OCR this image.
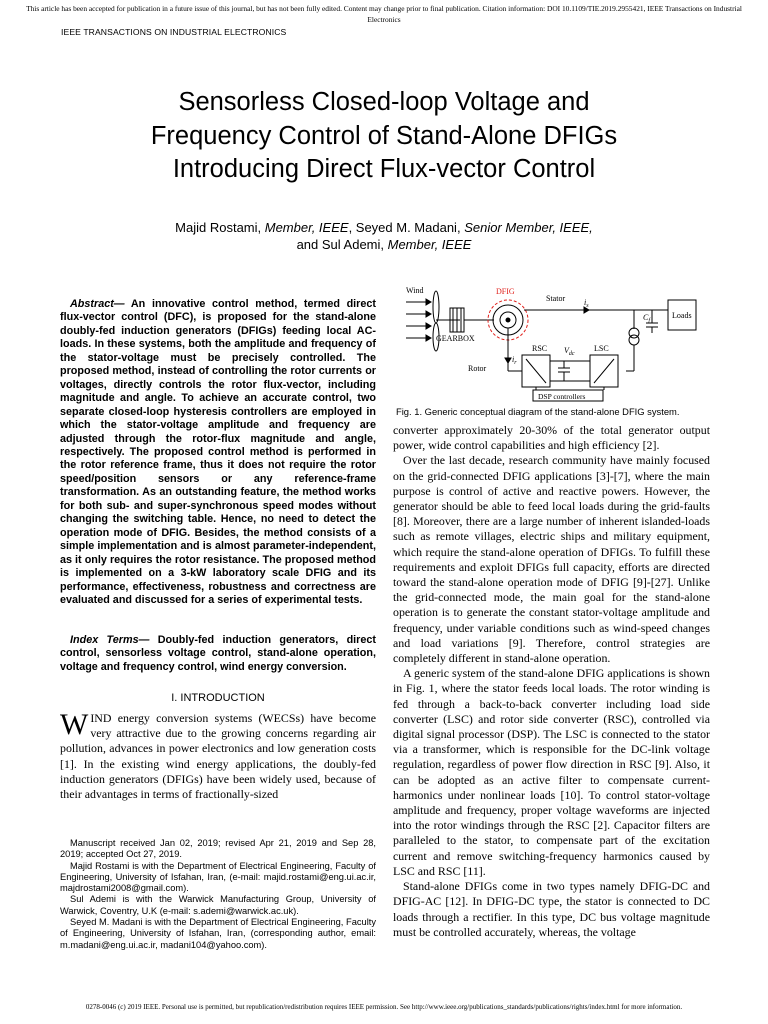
This article has been accepted for publication in a future issue of this journal, but has not been fully edited. Content may change prior to final publication. Citation information: DOI 10.1109/TIE.2019.2955421, IEEE Transactions on Industrial Electronics
IEEE TRANSACTIONS ON INDUSTRIAL ELECTRONICS
Sensorless Closed-loop Voltage and
Frequency Control of Stand-Alone DFIGs
Introducing Direct Flux-vector Control
Majid Rostami, Member, IEEE, Seyed M. Madani, Senior Member, IEEE,
and Sul Ademi, Member, IEEE
Abstract— An innovative control method, termed direct flux-vector control (DFC), is proposed for the stand-alone doubly-fed induction generators (DFIGs) feeding local AC-loads. In these systems, both the amplitude and frequency of the stator-voltage must be precisely controlled. The proposed method, instead of controlling the rotor currents or voltages, directly controls the rotor flux-vector, including magnitude and angle. To achieve an accurate control, two separate closed-loop hysteresis controllers are employed in which the stator-voltage amplitude and frequency are adjusted through the rotor-flux magnitude and angle, respectively. The proposed control method is performed in the rotor reference frame, thus it does not require the rotor speed/position sensors or any reference-frame transformation. As an outstanding feature, the method works for both sub- and super-synchronous speed modes without changing the switching table. Hence, no need to detect the operation mode of DFIG. Besides, the method consists of a simple implementation and is almost parameter-independent, as it only requires the rotor resistance. The proposed method is implemented on a 3-kW laboratory scale DFIG and its performance, effectiveness, robustness and correctness are evaluated and discussed for a series of experimental tests.
Index Terms— Doubly-fed induction generators, direct control, sensorless voltage control, stand-alone operation, voltage and frequency control, wind energy conversion.
I. INTRODUCTION
WIND energy conversion systems (WECSs) have become very attractive due to the growing concerns regarding air pollution, advances in power electronics and low generation costs [1]. In the existing wind energy applications, the doubly-fed induction generators (DFIGs) have been widely used, because of their advantages in terms of fractionally-sized

Manuscript received Jan 02, 2019; revised Apr 21, 2019 and Sep 28, 2019; accepted Oct 27, 2019.

Majid Rostami is with the Department of Electrical Engineering, Faculty of Engineering, University of Isfahan, Iran, (e-mail: majid.rostami@eng.ui.ac.ir, majdrostami2008@gmail.com).

Sul Ademi is with the Warwick Manufacturing Group, University of Warwick, Coventry, U.K (e-mail: s.ademi@warwick.ac.uk).

Seyed M. Madani is with the Department of Electrical Engineering, Faculty of Engineering, University of Isfahan, Iran, (corresponding author, email: m.madani@eng.ui.ac.ir, madani104@yahoo.com).

Wind	DFIG
Stator $i_s$
Loads
$C_f$
GEARBOX
RSC $V_{dc}$
LSC
$i_r$
Rotor
DSP controllers
Fig. 1. Generic conceptual diagram of the stand-alone DFIG system.

converter approximately 20-30% of the total generator output power, wide control capabilities and high efficiency [2].

Over the last decade, research community have mainly focused on the grid-connected DFIG applications [3]-[7], where the main purpose is control of active and reactive powers. However, the generator should be able to feed local loads during the grid-faults [8]. Moreover, there are a large number of inherent islanded-loads such as remote villages, electric ships and military equipment, which require the stand-alone operation of DFIGs. To fulfill these requirements and exploit DFIGs full capacity, efforts are directed toward the stand-alone operation mode of DFIG [9]-[27]. Unlike the grid-connected mode, the main goal for the stand-alone operation is to generate the constant stator-voltage amplitude and frequency, under variable conditions such as wind-speed changes and load variations [9]. Therefore, control strategies are completely different in stand-alone operation.

A generic system of the stand-alone DFIG applications is shown in Fig. 1, where the stator feeds local loads. The rotor winding is fed through a back-to-back converter including load side converter (LSC) and rotor side converter (RSC), controlled via digital signal processor (DSP). The LSC is connected to the stator via a transformer, which is responsible for the DC-link voltage regulation, regardless of power flow direction in RSC [9]. Also, it can be adopted as an active filter to compensate current-harmonics under nonlinear loads [10]. To control stator-voltage amplitude and frequency, proper voltage waveforms are injected into the rotor windings through the RSC [2]. Capacitor filters are paralleled to the stator, to compensate part of the excitation current and remove switching-frequency harmonics caused by LSC and RSC [11].

Stand-alone DFIGs come in two types namely DFIG-DC and DFIG-AC [12]. In DFIG-DC type, the stator is connected to DC loads through a rectifier. In this type, DC bus voltage magnitude must be controlled accurately, whereas, the voltage

0278-0046 (c) 2019 IEEE. Personal use is permitted, but republication/redistribution requires IEEE permission. See http://www.ieee.org/publications_standards/publications/rights/index.html for more information.
